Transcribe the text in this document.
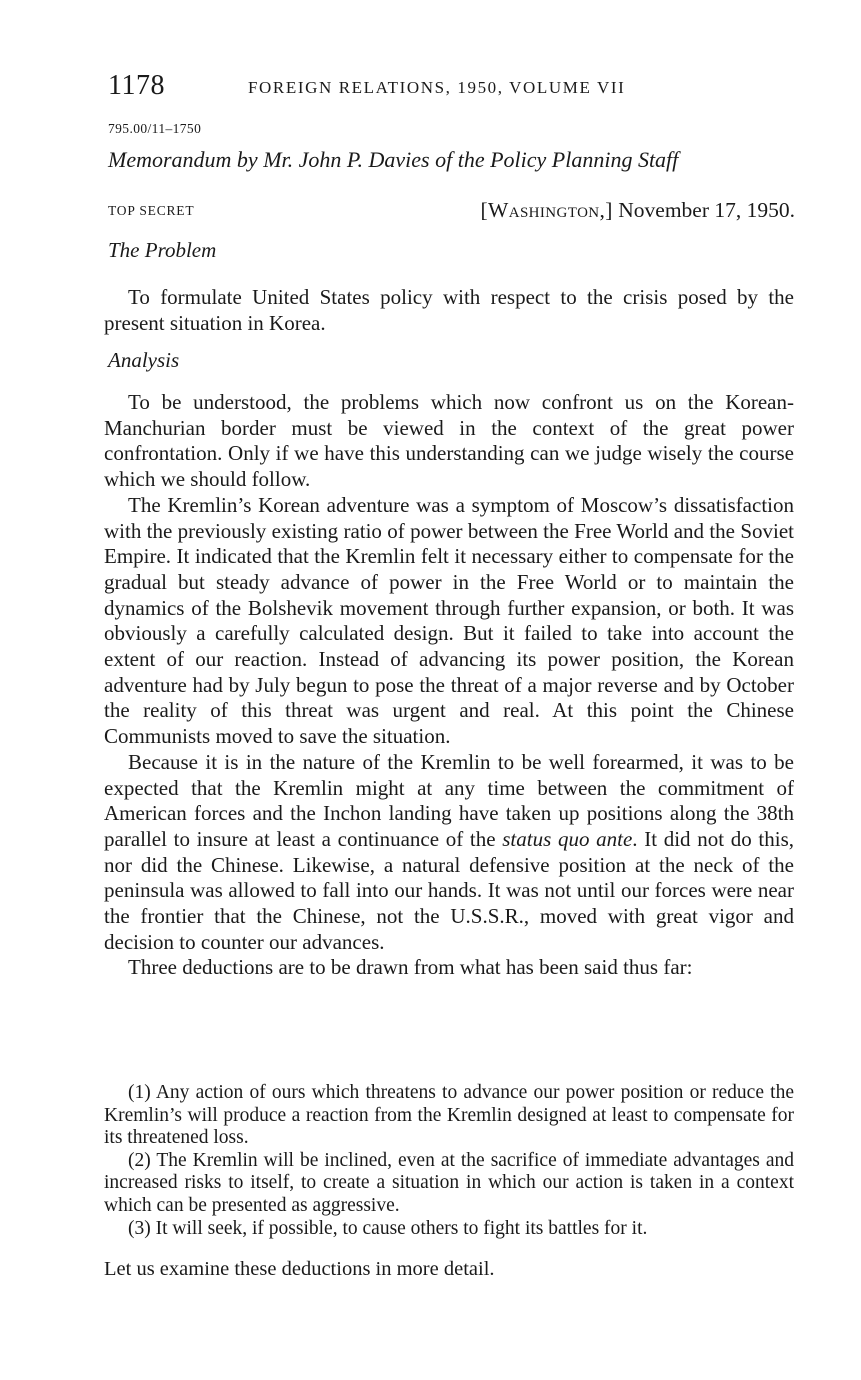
1178	FOREIGN RELATIONS, 1950, VOLUME VII
795.00/11–1750
Memorandum by Mr. John P. Davies of the Policy Planning Staff
TOP SECRET	[Washington,] November 17, 1950.
The Problem

To formulate United States policy with respect to the crisis posed by the present situation in Korea.

Analysis

To be understood, the problems which now confront us on the Korean-Manchurian border must be viewed in the context of the great power confrontation. Only if we have this understanding can we judge wisely the course which we should follow.

The Kremlin’s Korean adventure was a symptom of Moscow’s dissatisfaction with the previously existing ratio of power between the Free World and the Soviet Empire. It indicated that the Kremlin felt it necessary either to compensate for the gradual but steady advance of power in the Free World or to maintain the dynamics of the Bolshevik movement through further expansion, or both. It was obviously a carefully calculated design. But it failed to take into account the extent of our reaction. Instead of advancing its power position, the Korean adventure had by July begun to pose the threat of a major reverse and by October the reality of this threat was urgent and real. At this point the Chinese Communists moved to save the situation.

Because it is in the nature of the Kremlin to be well forearmed, it was to be expected that the Kremlin might at any time between the commitment of American forces and the Inchon landing have taken up positions along the 38th parallel to insure at least a continuance of the status quo ante. It did not do this, nor did the Chinese. Likewise, a natural defensive position at the neck of the peninsula was allowed to fall into our hands. It was not until our forces were near the frontier that the Chinese, not the U.S.S.R., moved with great vigor and decision to counter our advances.

Three deductions are to be drawn from what has been said thus far:

(1) Any action of ours which threatens to advance our power position or reduce the Kremlin’s will produce a reaction from the Kremlin designed at least to compensate for its threatened loss.

(2) The Kremlin will be inclined, even at the sacrifice of immediate advantages and increased risks to itself, to create a situation in which our action is taken in a context which can be presented as aggressive.

(3) It will seek, if possible, to cause others to fight its battles for it.

Let us examine these deductions in more detail.
